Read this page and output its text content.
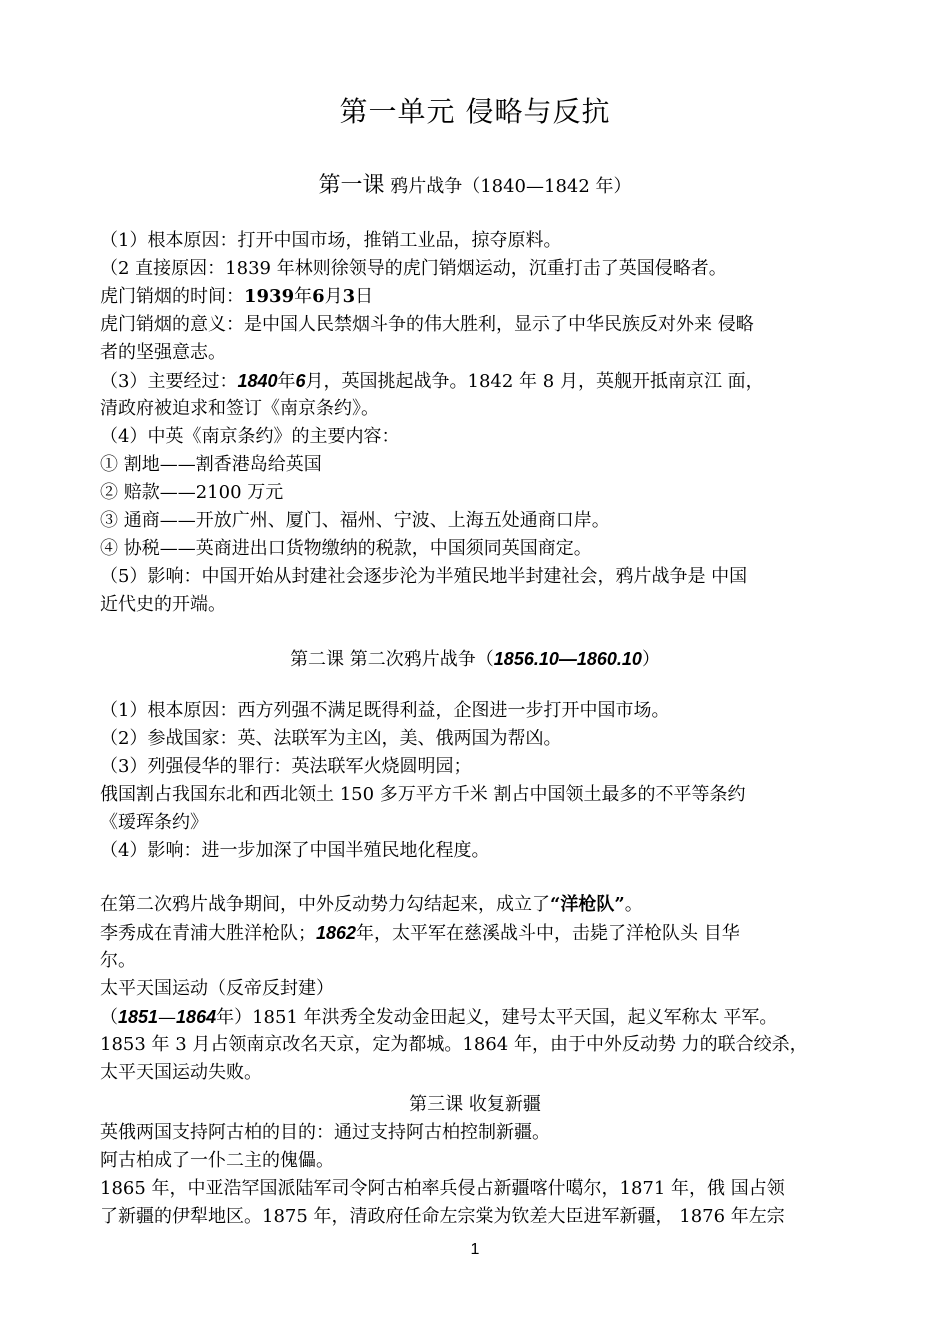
第一单元 侵略与反抗
第一课 鸦片战争（1840—1842 年）
（1）根本原因：打开中国市场，推销工业品，掠夺原料。
（2 直接原因：1839 年林则徐领导的虎门销烟运动，沉重打击了英国侵略者。
虎门销烟的时间：1939年6月3日
虎门销烟的意义：是中国人民禁烟斗争的伟大胜利，显示了中华民族反对外来 侵略
者的坚强意志。
（3）主要经过：1840年6月，英国挑起战争。1842 年 8 月，英舰开抵南京江 面，
清政府被迫求和签订《南京条约》。
（4）中英《南京条约》的主要内容：
① 割地——割香港岛给英国
② 赔款——2100 万元
③ 通商——开放广州、厦门、福州、宁波、上海五处通商口岸。
④ 协税——英商进出口货物缴纳的税款，中国须同英国商定。
（5）影响：中国开始从封建社会逐步沦为半殖民地半封建社会，鸦片战争是 中国
近代史的开端。
第二课 第二次鸦片战争（1856.10—1860.10）
（1）根本原因：西方列强不满足既得利益，企图进一步打开中国市场。
（2）参战国家：英、法联军为主凶，美、俄两国为帮凶。
（3）列强侵华的罪行：英法联军火烧圆明园；
俄国割占我国东北和西北领土 150 多万平方千米 割占中国领土最多的不平等条约
《瑷珲条约》
（4）影响：进一步加深了中国半殖民地化程度。
在第二次鸦片战争期间，中外反动势力勾结起来，成立了“洋枪队”。
李秀成在青浦大胜洋枪队；1862年，太平军在慈溪战斗中，击毙了洋枪队头 目华
尔。
太平天国运动（反帝反封建）
（1851—1864年）1851 年洪秀全发动金田起义，建号太平天国，起义军称太 平军。
1853 年 3 月占领南京改名天京，定为都城。1864 年，由于中外反动势 力的联合绞杀，
太平天国运动失败。
第三课 收复新疆
英俄两国支持阿古柏的目的：通过支持阿古柏控制新疆。
阿古柏成了一仆二主的傀儡。
1865 年，中亚浩罕国派陆军司令阿古柏率兵侵占新疆喀什噶尔，1871 年，俄 国占领
了新疆的伊犁地区。1875 年，清政府任命左宗棠为钦差大臣进军新疆， 1876 年左宗
1
